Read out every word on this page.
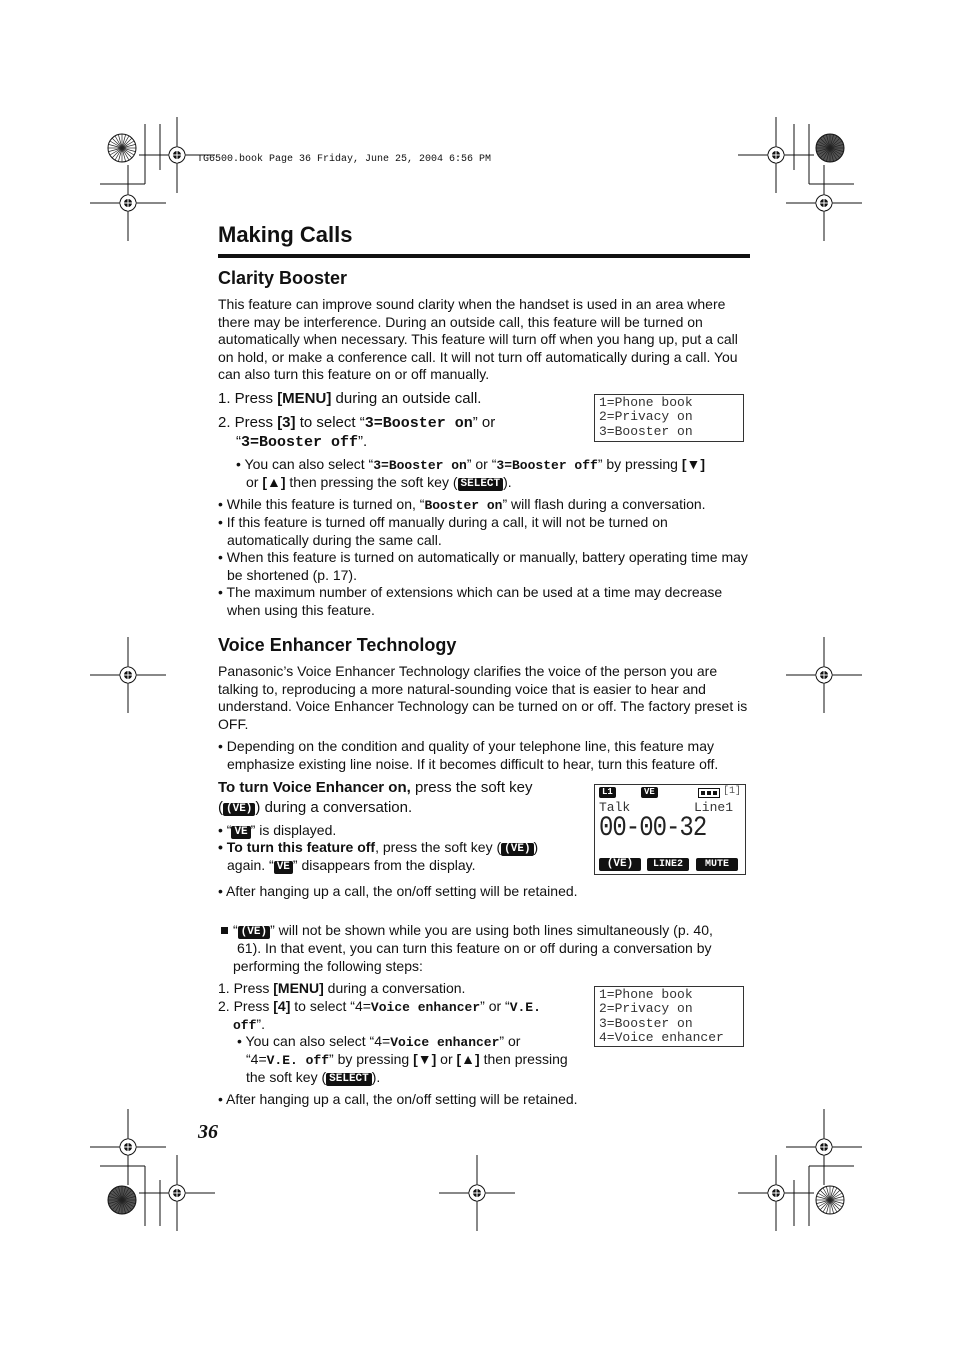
TG6500.book Page 36 Friday, June 25, 2004 6:56 PM
Making Calls
Clarity Booster
This feature can improve sound clarity when the handset is used in an area where there may be interference. During an outside call, this feature will be turned on automatically when necessary. This feature will turn off when you hang up, put a call on hold, or make a conference call. It will not turn off automatically during a call. You can also turn this feature on or off manually.
1. Press [MENU] during an outside call.
2. Press [3] to select “3=Booster on” or
“3=Booster off”.
• You can also select “3=Booster on” or “3=Booster off” by pressing [▼]
or [▲] then pressing the soft key ( SELECT ).
• While this feature is turned on, “Booster on” will flash during a conversation.
• If this feature is turned off manually during a call, it will not be turned on automatically during the same call.
• When this feature is turned on automatically or manually, battery operating time may be shortened (p. 17).
• The maximum number of extensions which can be used at a time may decrease when using this feature.
1=Phone book
2=Privacy on
3=Booster on
Voice Enhancer Technology
Panasonic’s Voice Enhancer Technology clarifies the voice of the person you are talking to, reproducing a more natural-sounding voice that is easier to hear and understand. Voice Enhancer Technology can be turned on or off. The factory preset is OFF.
• Depending on the condition and quality of your telephone line, this feature may emphasize existing line noise. If it becomes difficult to hear, turn this feature off.
To turn Voice Enhancer on, press the soft key
( (VE) ) during a conversation.
• “ VE ” is displayed.
• To turn this feature off, press the soft key ( (VE) )
again. “ VE ” disappears from the display.
• After hanging up a call, the on/off setting will be retained.
L1	VE	[1]
Talk	Line1
00-00-32
(VE)	LINE2	MUTE
“ (VE) ” will not be shown while you are using both lines simultaneously (p. 40,
61). In that event, you can turn this feature on or off during a conversation by
performing the following steps:
1. Press [MENU] during a conversation.
2. Press [4] to select “4=Voice enhancer” or “V.E.
off”.
• You can also select “4=Voice enhancer” or
“4=V.E. off” by pressing [▼] or [▲] then pressing
the soft key ( SELECT ).
• After hanging up a call, the on/off setting will be retained.
1=Phone book
2=Privacy on
3=Booster on
4=Voice enhancer
36
